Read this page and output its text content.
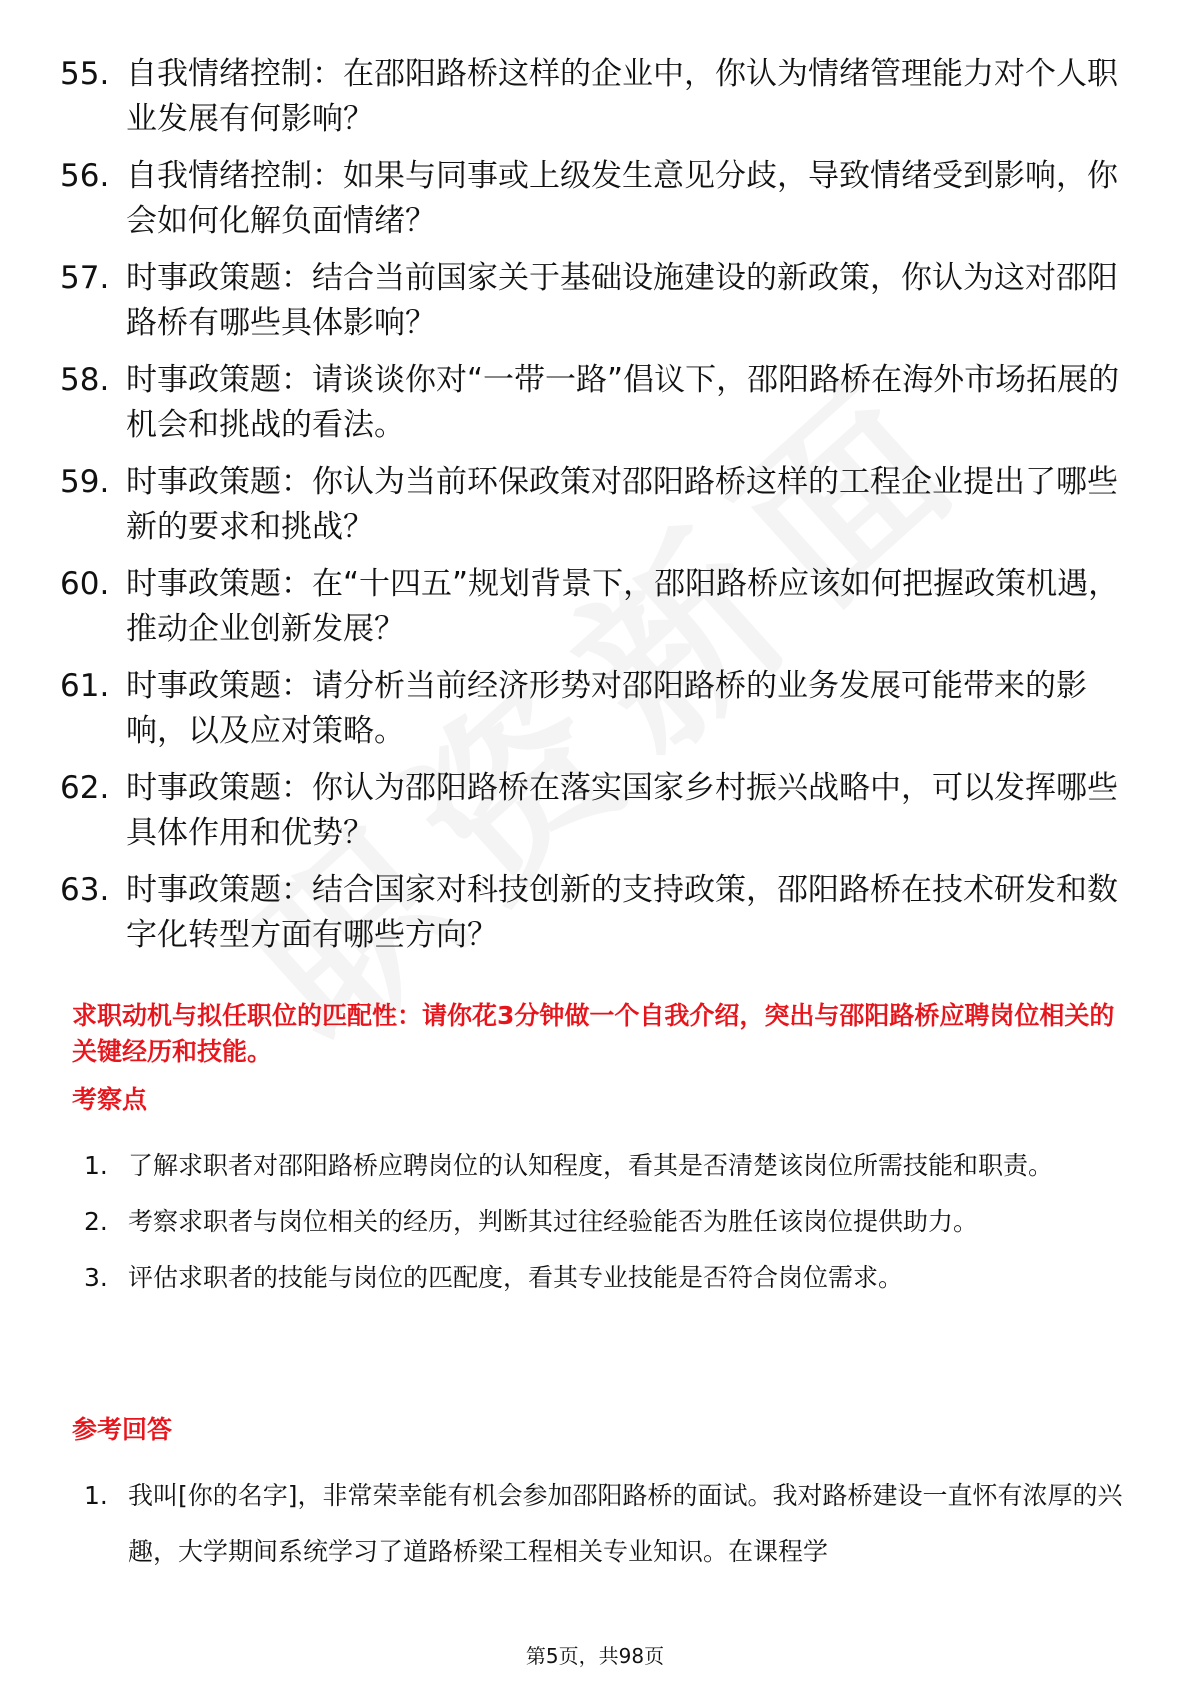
55. 自我情绪控制：在邵阳路桥这样的企业中，你认为情绪管理能力对个人职业发展有何影响？
56. 自我情绪控制：如果与同事或上级发生意见分歧，导致情绪受到影响，你会如何化解负面情绪？
57. 时事政策题：结合当前国家关于基础设施建设的新政策，你认为这对邵阳路桥有哪些具体影响？
58. 时事政策题：请谈谈你对“一带一路”倡议下，邵阳路桥在海外市场拓展的机会和挑战的看法。
59. 时事政策题：你认为当前环保政策对邵阳路桥这样的工程企业提出了哪些新的要求和挑战？
60. 时事政策题：在“十四五”规划背景下，邵阳路桥应该如何把握政策机遇，推动企业创新发展？
61. 时事政策题：请分析当前经济形势对邵阳路桥的业务发展可能带来的影响，以及应对策略。
62. 时事政策题：你认为邵阳路桥在落实国家乡村振兴战略中，可以发挥哪些具体作用和优势？
63. 时事政策题：结合国家对科技创新的支持政策，邵阳路桥在技术研发和数字化转型方面有哪些方向？
求职动机与拟任职位的匹配性：请你花3分钟做一个自我介绍，突出与邵阳路桥应聘岗位相关的关键经历和技能。
考察点
1. 了解求职者对邵阳路桥应聘岗位的认知程度，看其是否清楚该岗位所需技能和职责。
2. 考察求职者与岗位相关的经历，判断其过往经验能否为胜任该岗位提供助力。
3. 评估求职者的技能与岗位的匹配度，看其专业技能是否符合岗位需求。
参考回答
1. 我叫[你的名字]，非常荣幸能有机会参加邵阳路桥的面试。我对路桥建设一直怀有浓厚的兴趣，大学期间系统学习了道路桥梁工程相关专业知识。在课程学
第5页，共98页
